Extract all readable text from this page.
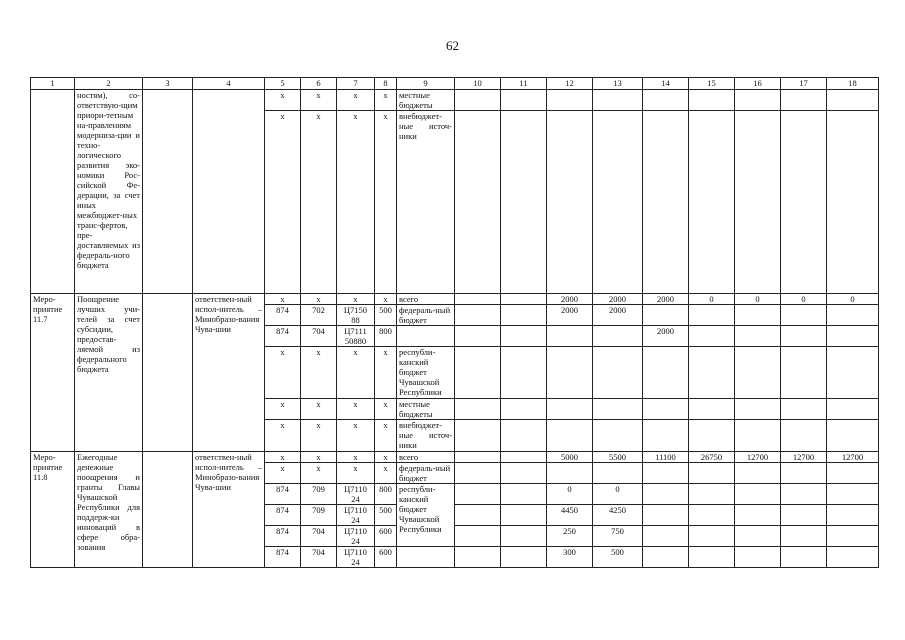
62
1	2	3	4	5	6	7	8	9	10	11	12	13	14	15	16	17	18
	ностям), со-ответствую-щим приори-тетным на-правлениям модерниза-ции и техно-логического развития эко-номики Рос-сийской Фе-дерации, за счет иных межбюджет-ных транс-фертов, пре-доставляемых из федераль-ного бюджета			x	x	x	x	местные бюджеты									
				x	x	x	x	внебюджет-ные источ-ники									
Меро-приятие 11.7	Поощрение лучших учи-телей за счет субсидии, предостав-ляемой из федерального бюджета		ответствен-ный испол-нитель – Минобразо-вания Чува-шии	x	x	x	x	всего			2000	2000	2000	0	0	0	0
				874	702	Ц7150 88	500	федераль-ный бюджет			2000	2000					
				874	704	Ц7111 50880	800						2000				
				x	x	x	x	республи-канский бюджет Чувашской Республики									
				x	x	x	x	местные бюджеты									
				x	x	x	x	внебюджет-ные источ-ники									
Меро-приятие 11.8	Ежегодные денежные поощрения и гранты Главы Чувашской Республики для поддерж-ки инноваций в сфере обра-зования		ответствен-ный испол-нитель – Минобразо-вания Чува-шии	x	x	x	x	всего			5000	5500	11100	26750	12700	12700	12700
				x	x	x	x	федераль-ный бюджет									
				874	709	Ц7110 24	800	республи-канский бюджет Чувашской Республики			0	0					
				874	709	Ц7110 24	500				4450	4250					
				874	704	Ц7110 24	600				250	750					
				874	704	Ц7110 24	600				300	500					
